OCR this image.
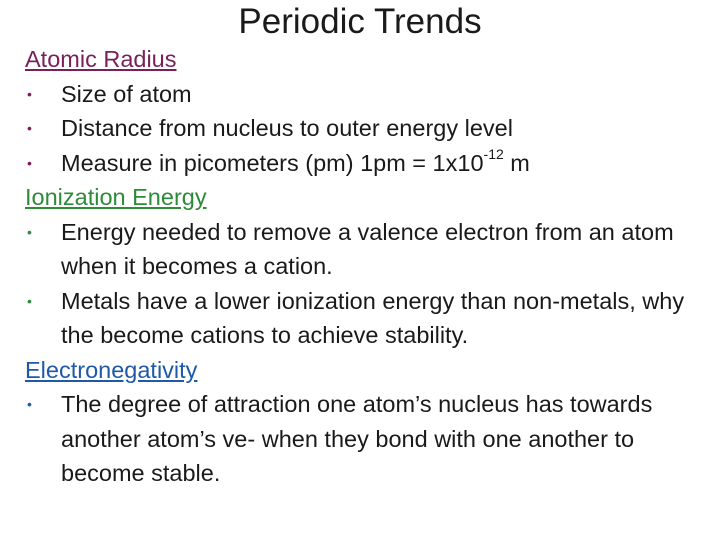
Periodic Trends
Atomic Radius
• Size of atom
• Distance from nucleus to outer energy level
• Measure in picometers (pm) $1pm = 1x10^{-12}$ m
Ionization Energy
• Energy needed to remove a valence electron from an atom when it becomes a cation.
• Metals have a lower ionization energy than non-metals, why the become cations to achieve stability.
Electronegativity
• The degree of attraction one atom’s nucleus has towards another atom’s ve- when they bond with one another to become stable.
